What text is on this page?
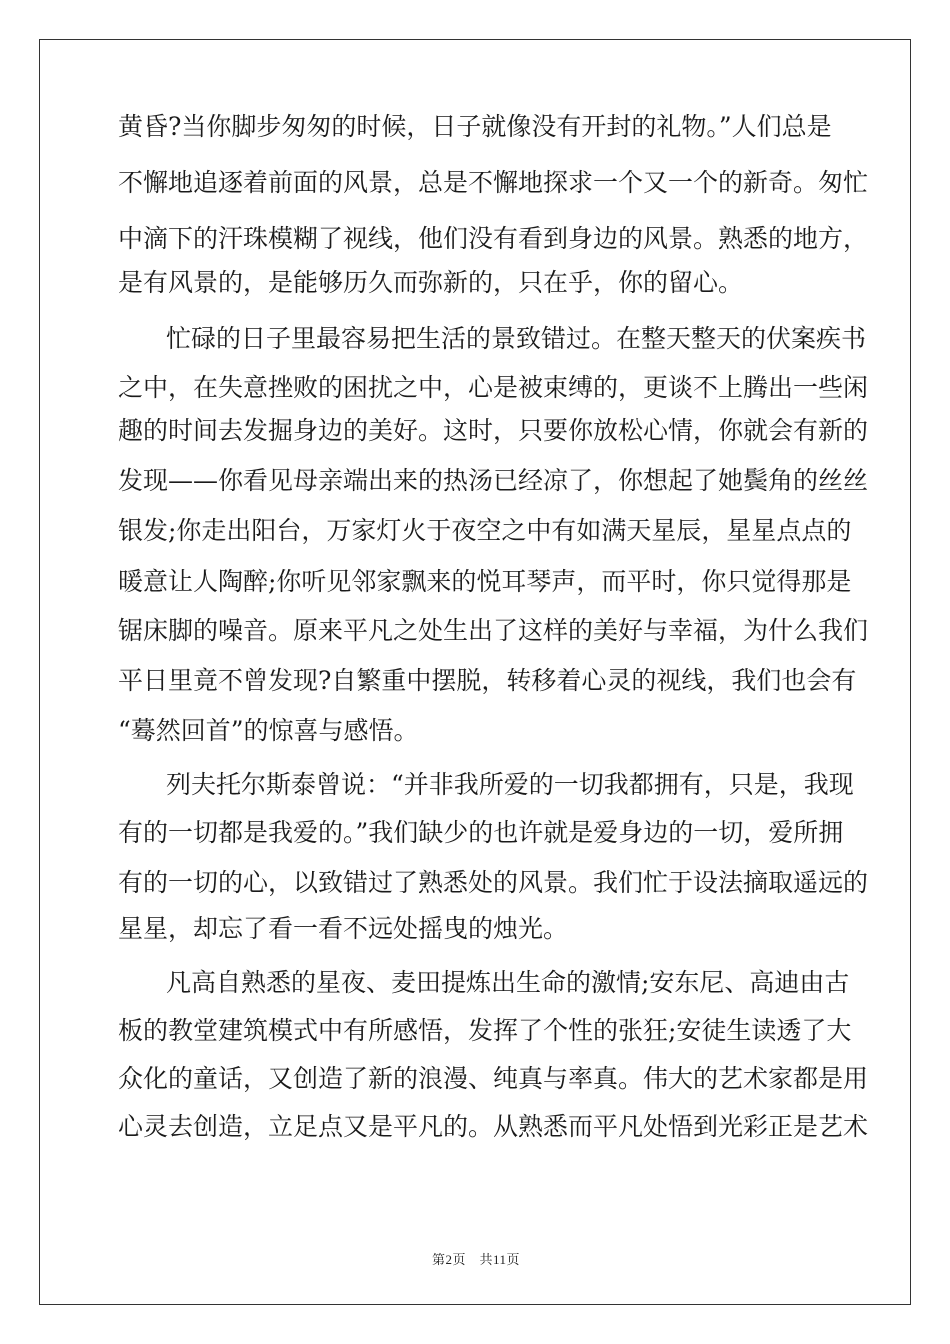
黄昏?当你脚步匆匆的时候，日子就像没有开封的礼物。”人们总是
不懈地追逐着前面的风景，总是不懈地探求一个又一个的新奇。匆忙
中滴下的汗珠模糊了视线，他们没有看到身边的风景。熟悉的地方，
是有风景的，是能够历久而弥新的，只在乎，你的留心。
忙碌的日子里最容易把生活的景致错过。在整天整天的伏案疾书
之中，在失意挫败的困扰之中，心是被束缚的，更谈不上腾出一些闲
趣的时间去发掘身边的美好。这时，只要你放松心情，你就会有新的
发现——你看见母亲端出来的热汤已经凉了，你想起了她鬓角的丝丝
银发;你走出阳台，万家灯火于夜空之中有如满天星辰，星星点点的
暖意让人陶醉;你听见邻家飘来的悦耳琴声，而平时，你只觉得那是
锯床脚的噪音。原来平凡之处生出了这样的美好与幸福，为什么我们
平日里竟不曾发现?自繁重中摆脱，转移着心灵的视线，我们也会有
“蓦然回首”的惊喜与感悟。
列夫托尔斯泰曾说：“并非我所爱的一切我都拥有，只是，我现
有的一切都是我爱的。”我们缺少的也许就是爱身边的一切，爱所拥
有的一切的心，以致错过了熟悉处的风景。我们忙于设法摘取遥远的
星星，却忘了看一看不远处摇曳的烛光。
凡高自熟悉的星夜、麦田提炼出生命的激情;安东尼、高迪由古
板的教堂建筑模式中有所感悟，发挥了个性的张狂;安徒生读透了大
众化的童话，又创造了新的浪漫、纯真与率真。伟大的艺术家都是用
心灵去创造，立足点又是平凡的。从熟悉而平凡处悟到光彩正是艺术
第2页　共11页
